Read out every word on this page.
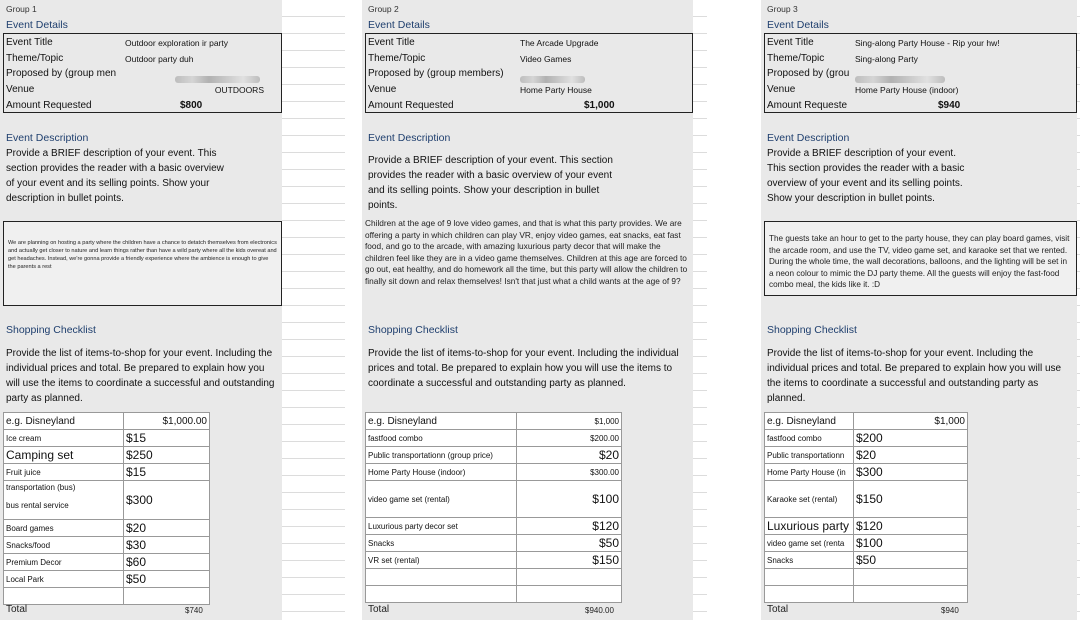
Group 1
Event Details
Event Title	Outdoor exploration ir party
Theme/Topic	Outdoor party duh
Proposed by (group men
Venue	OUTDOORS
Amount Requested	$800
Event Description
Provide a BRIEF description of your event. This section provides the reader with a basic overview of your event and its selling points. Show your description in bullet points.
We are planning on hosting a party where the children have a chance to detatch themselves from electronics and actually get closer to nature and learn things rather than have a wild party where all the kids overeat and get headaches. Instead, we're gonna provide a friendly experience where the ambience is enough to give the parents a rest
Shopping Checklist
Provide the list of items-to-shop for your event. Including the individual prices and total. Be prepared to explain how you will use the items to coordinate a successful and outstanding party as planned.
e.g. Disneyland	$1,000.00
Ice cream	$15
Camping set	$250
Fruit juice	$15
transportation (bus)

bus rental service	$300
Board games	$20
Snacks/food	$30
Premium Decor	$60
Local Park	$50

Total	$740
Group 2
Event Details
Event Title	The Arcade Upgrade
Theme/Topic	Video Games
Proposed by (group members)
Venue	Home Party House
Amount Requested	$1,000
Event Description
Provide a BRIEF description of your event. This section provides the reader with a basic overview of your event and its selling points. Show your description in bullet points.
Children at the age of 9 love video games, and that is what this party provides. We are offering a party in which children can play VR, enjoy video games, eat snacks, eat fast food, and go to the arcade, with amazing luxurious party decor that will make the children feel like they are in a video game themselves. Children at this age are forced to go out, eat healthy, and do homework all the time, but this party will allow the children to finally sit down and relax themselves! Isn't that just what a child wants at the age of 9?
Shopping Checklist
Provide the list of items-to-shop for your event. Including the individual prices and total. Be prepared to explain how you will use the items to coordinate a successful and outstanding party as planned.
e.g. Disneyland	$1,000
fastfood combo	$200.00
Public transportationn (group price)	$20
Home Party House (indoor)	$300.00
video game set (rental)	$100
Luxurious party decor set	$120
Snacks	$50
VR set (rental)	$150

Total	$940.00
Group 3
Event Details
Event Title	Sing-along Party House - Rip your hw!
Theme/Topic	Sing-along Party
Proposed by (grou
Venue	Home Party House (indoor)
Amount Requeste	$940
Event Description
Provide a BRIEF description of your event. This section provides the reader with a basic overview of your event and its selling points. Show your description in bullet points.
The guests take an hour to get to the party house, they can play board games, visit the arcade room, and use the TV, video game set, and karaoke set that we rented. During the whole time, the wall decorations, balloons, and the lighting will be set in a neon colour to mimic the DJ party theme. All the guests will enjoy the fast-food combo meal, the kids like it. :D
Shopping Checklist
Provide the list of items-to-shop for your event. Including the individual prices and total. Be prepared to explain how you will use the items to coordinate a successful and outstanding party as planned.
e.g. Disneyland	$1,000
fastfood combo	$200
Public transportationn	$20
Home Party House (in	$300
Karaoke set (rental)	$150
Luxurious party	$120
video game set (renta	$100
Snacks	$50

Total	$940
